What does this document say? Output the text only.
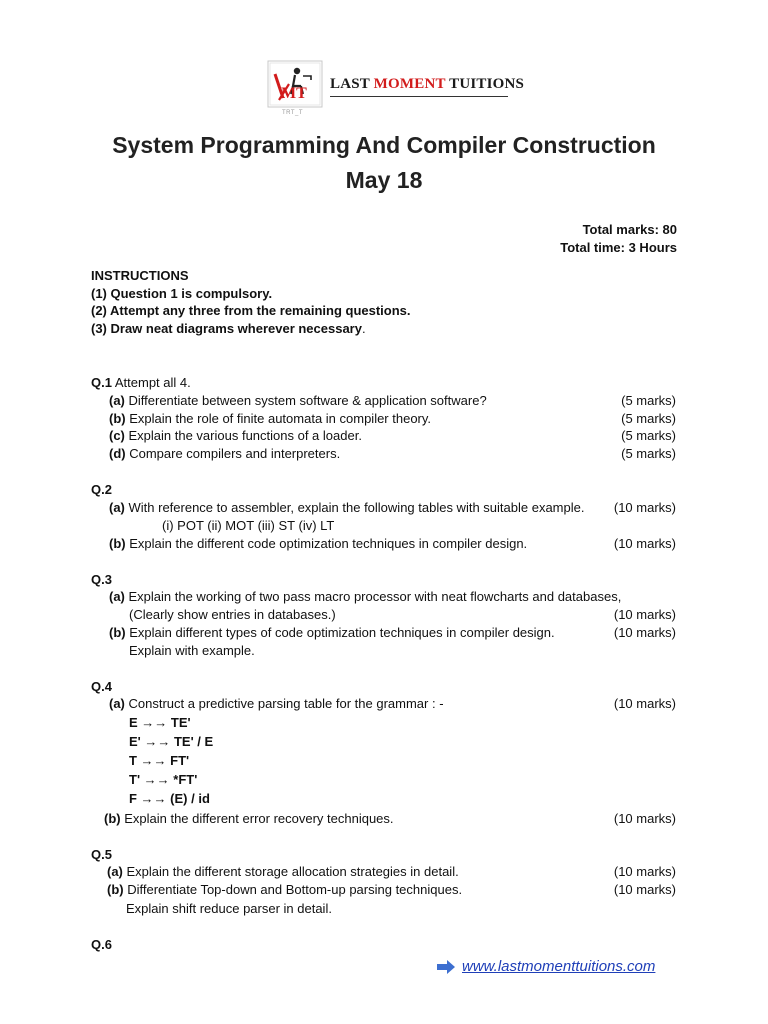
MT
LAST MOMENT TUITIONS
TRT_T
System Programming And Compiler Construction
May 18
Total marks: 80
Total time: 3 Hours
INSTRUCTIONS
(1) Question 1 is compulsory.
(2) Attempt any three from the remaining questions.
(3) Draw neat diagrams wherever necessary.
Q.1 Attempt all 4.
(a) Differentiate between system software & application software?	(5 marks)
(b) Explain the role of finite automata in compiler theory.	(5 marks)
(c) Explain the various functions of a loader.	(5 marks)
(d) Compare compilers and interpreters.	(5 marks)
Q.2
(a) With reference to assembler, explain the following tables with suitable example. (10 marks)
(i) POT (ii) MOT (iii) ST (iv) LT
(b) Explain the different code optimization techniques in compiler design.	(10 marks)
Q.3
(a) Explain the working of two pass macro processor with neat flowcharts and databases,
(Clearly show entries in databases.)	(10 marks)
(b) Explain different types of code optimization techniques in compiler design.	(10 marks)
Explain with example.
Q.4
(a) Construct a predictive parsing table for the grammar : -	(10 marks)
E →→ TE'
E' →→ TE' / E
T →→ FT'
T' →→ *FT'
F →→ (E) / id
(b) Explain the different error recovery techniques.	(10 marks)
Q.5
(a) Explain the different storage allocation strategies in detail.	(10 marks)
(b) Differentiate Top-down and Bottom-up parsing techniques.	(10 marks)
Explain shift reduce parser in detail.
Q.6
www.lastmomenttuitions.com
